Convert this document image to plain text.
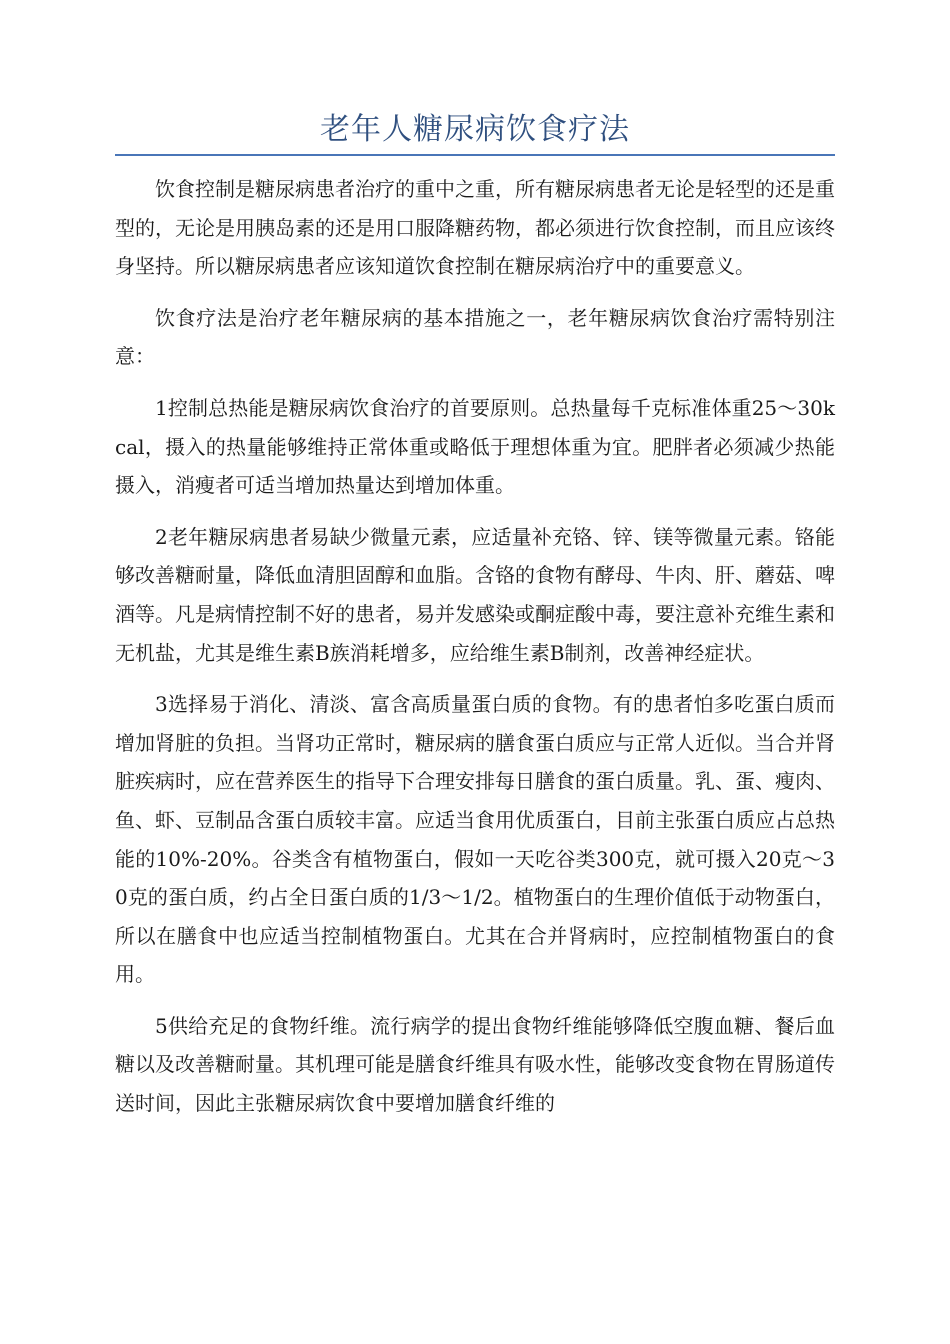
老年人糖尿病饮食疗法

饮食控制是糖尿病患者治疗的重中之重，所有糖尿病患者无论是轻型的还是重型的，无论是用胰岛素的还是用口服降糖药物，都必须进行饮食控制，而且应该终身坚持。所以糖尿病患者应该知道饮食控制在糖尿病治疗中的重要意义。

饮食疗法是治疗老年糖尿病的基本措施之一，老年糖尿病饮食治疗需特别注意：

1控制总热能是糖尿病饮食治疗的首要原则。总热量每千克标准体重25～30kcal，摄入的热量能够维持正常体重或略低于理想体重为宜。肥胖者必须减少热能摄入，消瘦者可适当增加热量达到增加体重。

2老年糖尿病患者易缺少微量元素，应适量补充铬、锌、镁等微量元素。铬能够改善糖耐量，降低血清胆固醇和血脂。含铬的食物有酵母、牛肉、肝、蘑菇、啤酒等。凡是病情控制不好的患者，易并发感染或酮症酸中毒，要注意补充维生素和无机盐，尤其是维生素B族消耗增多，应给维生素B制剂，改善神经症状。

3选择易于消化、清淡、富含高质量蛋白质的食物。有的患者怕多吃蛋白质而增加肾脏的负担。当肾功正常时，糖尿病的膳食蛋白质应与正常人近似。当合并肾脏疾病时，应在营养医生的指导下合理安排每日膳食的蛋白质量。乳、蛋、瘦肉、鱼、虾、豆制品含蛋白质较丰富。应适当食用优质蛋白，目前主张蛋白质应占总热能的10%-20%。谷类含有植物蛋白，假如一天吃谷类300克，就可摄入20克～30克的蛋白质，约占全日蛋白质的1/3～1/2。植物蛋白的生理价值低于动物蛋白，所以在膳食中也应适当控制植物蛋白。尤其在合并肾病时，应控制植物蛋白的食用。

5供给充足的食物纤维。流行病学的提出食物纤维能够降低空腹血糖、餐后血糖以及改善糖耐量。其机理可能是膳食纤维具有吸水性，能够改变食物在胃肠道传送时间，因此主张糖尿病饮食中要增加膳食纤维的
